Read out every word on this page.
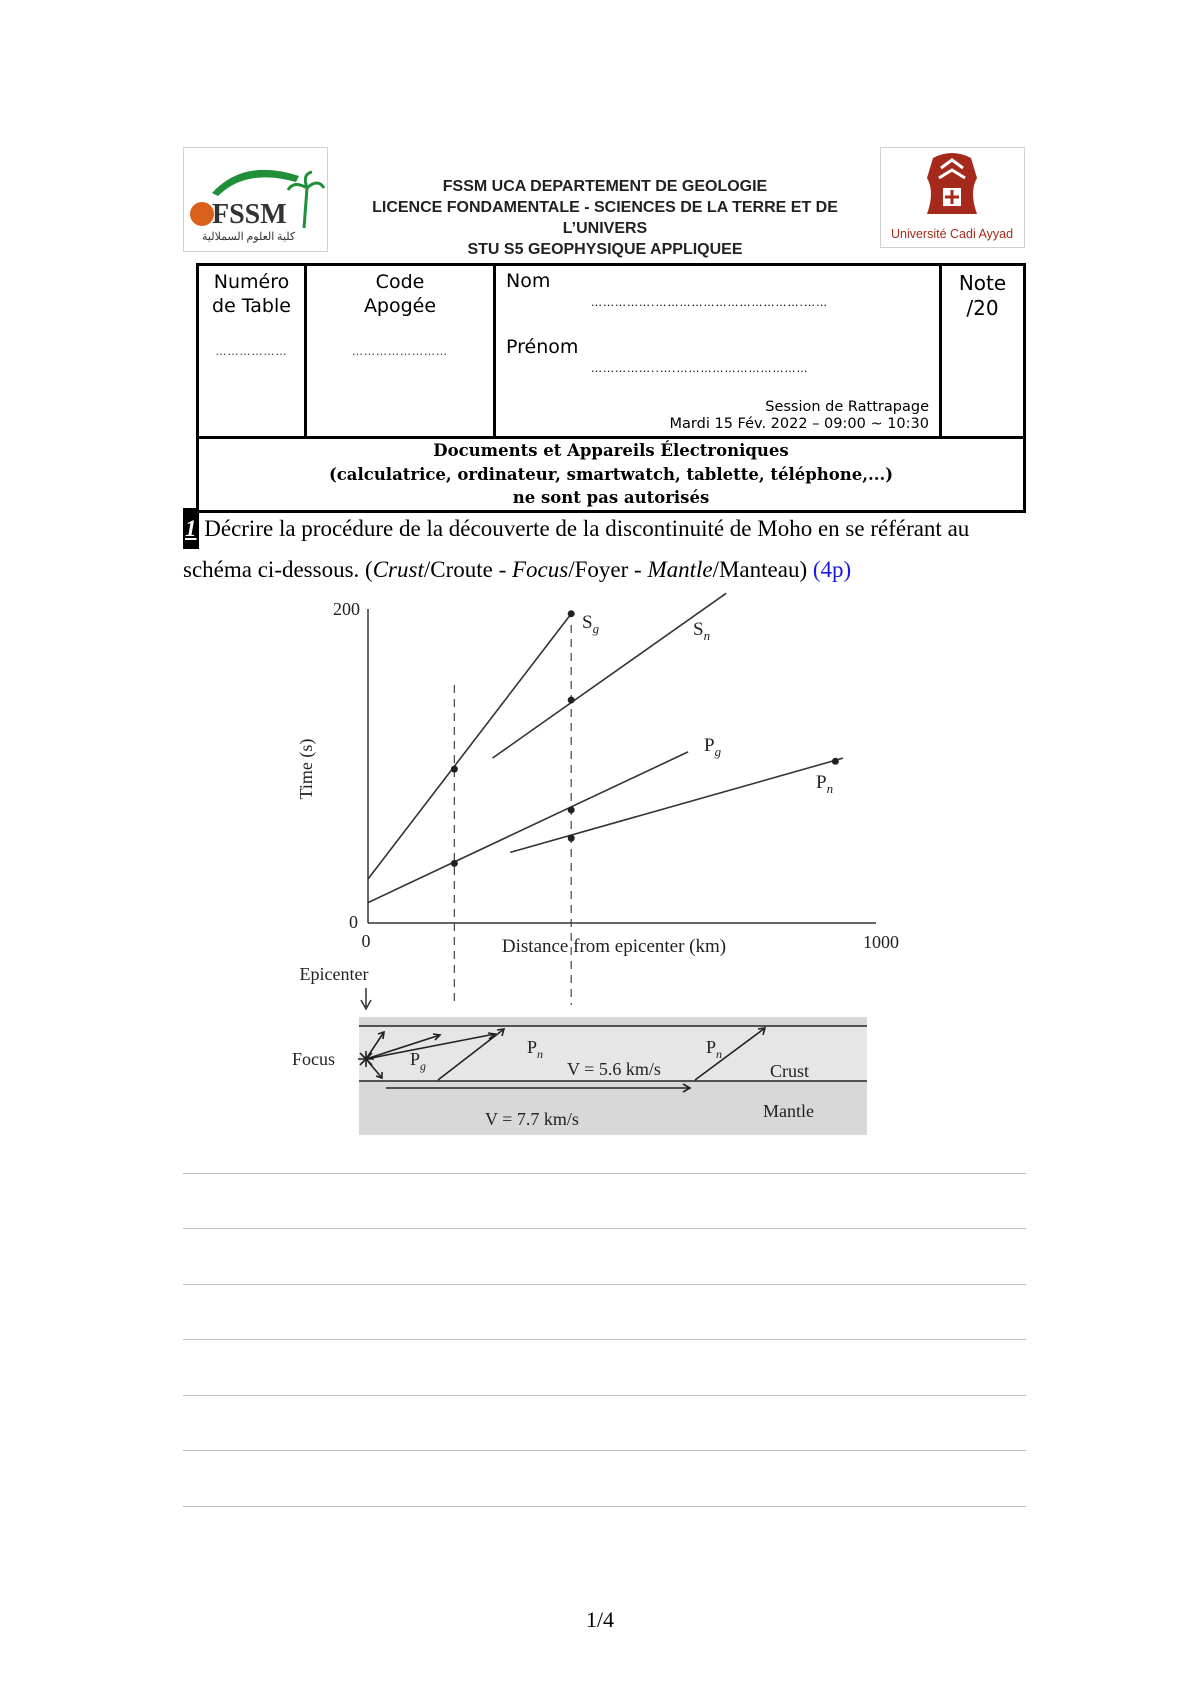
FSSM
كلية العلوم السملالية
FSSM UCA DEPARTEMENT DE GEOLOGIE
LICENCE FONDAMENTALE - SCIENCES DE LA TERRE ET DE L’UNIVERS
STU S5 GEOPHYSIQUE APPLIQUEE
Université Cadi Ayyad
Numéro
de Table
………………

Code
Apogée
……………………

Nom
…………….……………………………….……
Prénom
……………..….……………………………
Session de Rattrapage
Mardi 15 Fév. 2022 – 09:00 ~ 10:30

Note
/20

Documents et Appareils Électroniques
(calculatrice, ordinateur, smartwatch, tablette, téléphone,...)
ne sont pas autorisés
1 Décrire la procédure de la découverte de la discontinuité de Moho en se référant au schéma ci-dessous. (Crust/Croute - Focus/Foyer - Mantle/Manteau) (4p)
200
0
0	1000
Time (s)
Distance from epicenter (km)
$S_g$	$S_n$
$P_g$
$P_n$
Epicenter
Focus	$P_g$
$P_n$	$P_n$
V = 5.6 km/s
V = 7.7 km/s
Crust
Mantle
1/4
